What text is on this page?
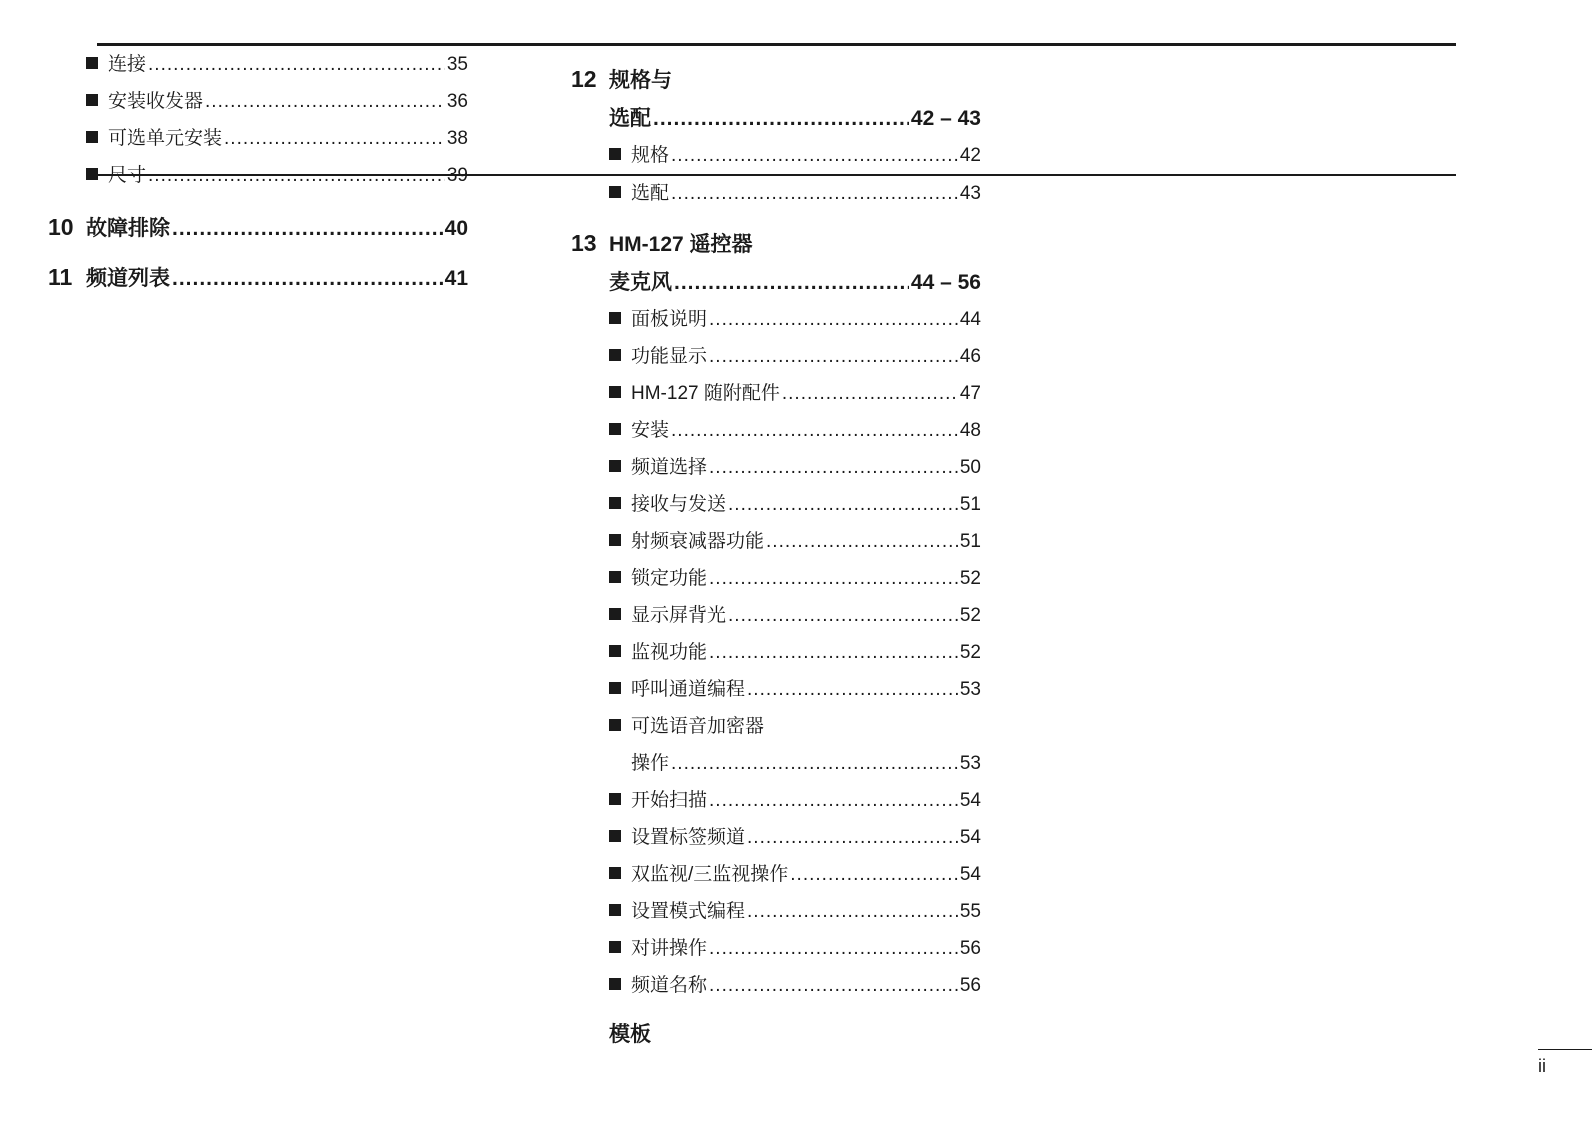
连接 .....	35
安装收发器 .....	36
可选单元安装 .....	38
尺寸 .....	39
10 故障排除 .....	40
11 频道列表 .....	41
12 规格与
选配 .....	42 – 43
规格 .....	42
选配 .....	43
13 HM-127 遥控器
麦克风 .....	44 – 56
面板说明 .....	44
功能显示 .....	46
HM-127 随附配件 .....	47
安装 .....	48
频道选择 .....	50
接收与发送 .....	51
射频衰减器功能 .....	51
锁定功能 .....	52
显示屏背光 .....	52
监视功能 .....	52
呼叫通道编程 .....	53
可选语音加密器
操作 .....	53
开始扫描 .....	54
设置标签频道 .....	54
双监视/三监视操作 .....	54
设置模式编程 .....	55
对讲操作 .....	56
频道名称 .....	56
模板
ii
